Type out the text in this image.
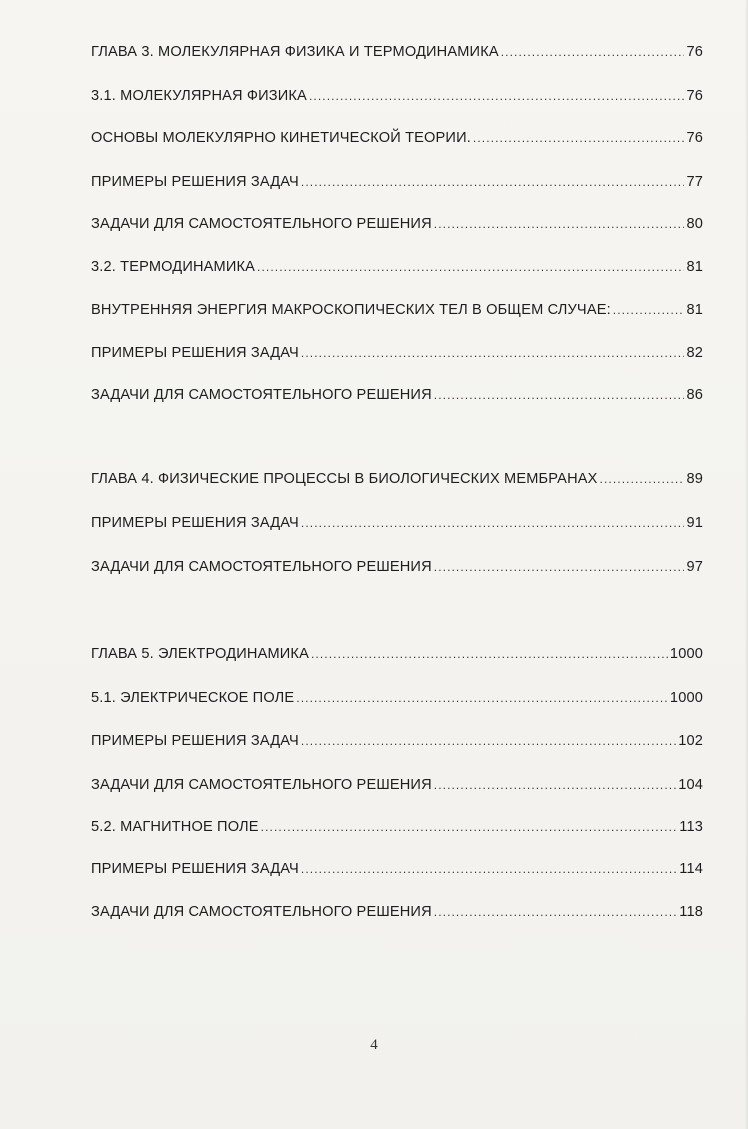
ГЛАВА 3. МОЛЕКУЛЯРНАЯ ФИЗИКА И ТЕРМОДИНАМИКА .....	76
3.1. МОЛЕКУЛЯРНАЯ ФИЗИКА .....	76
ОСНОВЫ МОЛЕКУЛЯРНО КИНЕТИЧЕСКОЙ ТЕОРИИ. .....	76
ПРИМЕРЫ РЕШЕНИЯ ЗАДАЧ .....	77
ЗАДАЧИ ДЛЯ САМОСТОЯТЕЛЬНОГО РЕШЕНИЯ .....	80
3.2. ТЕРМОДИНАМИКА .....	81
ВНУТРЕННЯЯ ЭНЕРГИЯ МАКРОСКОПИЧЕСКИХ ТЕЛ В ОБЩЕМ СЛУЧАЕ: .....	81
ПРИМЕРЫ РЕШЕНИЯ ЗАДАЧ .....	82
ЗАДАЧИ ДЛЯ САМОСТОЯТЕЛЬНОГО РЕШЕНИЯ .....	86
ГЛАВА 4. ФИЗИЧЕСКИЕ ПРОЦЕССЫ В БИОЛОГИЧЕСКИХ МЕМБРАНАХ .....	89
ПРИМЕРЫ РЕШЕНИЯ ЗАДАЧ .....	91
ЗАДАЧИ ДЛЯ САМОСТОЯТЕЛЬНОГО РЕШЕНИЯ .....	97
ГЛАВА 5. ЭЛЕКТРОДИНАМИКА .....	1000
5.1. ЭЛЕКТРИЧЕСКОЕ ПОЛЕ .....	1000
ПРИМЕРЫ РЕШЕНИЯ ЗАДАЧ .....	102
ЗАДАЧИ ДЛЯ САМОСТОЯТЕЛЬНОГО РЕШЕНИЯ .....	104
5.2. МАГНИТНОЕ ПОЛЕ .....	113
ПРИМЕРЫ РЕШЕНИЯ ЗАДАЧ .....	114
ЗАДАЧИ ДЛЯ САМОСТОЯТЕЛЬНОГО РЕШЕНИЯ .....	118
4
